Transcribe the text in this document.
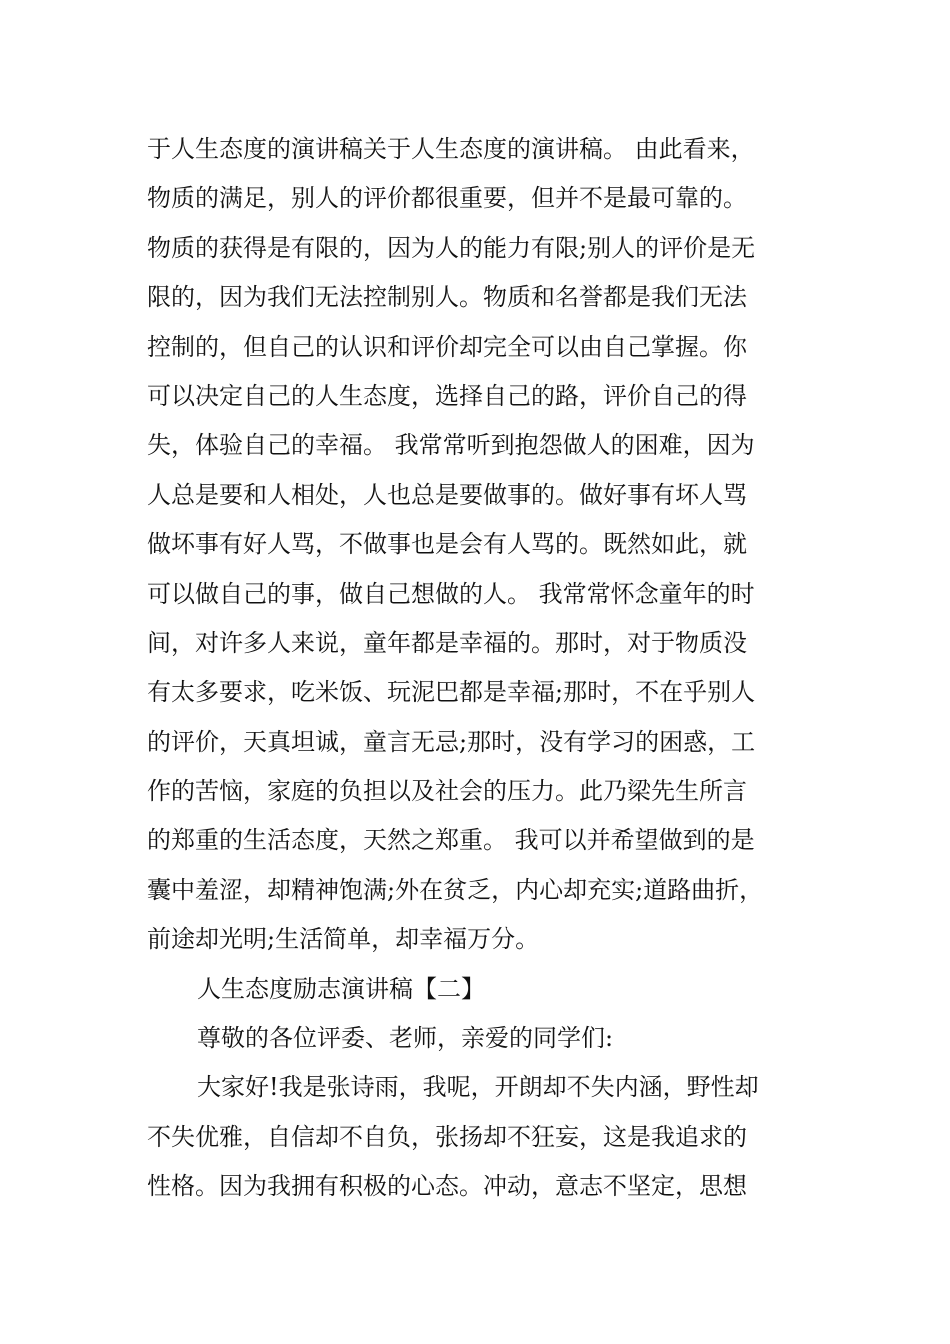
于人生态度的演讲稿关于人生态度的演讲稿。 由此看来，
物质的满足，别人的评价都很重要，但并不是最可靠的。
物质的获得是有限的，因为人的能力有限;别人的评价是无
限的，因为我们无法控制别人。物质和名誉都是我们无法
控制的，但自己的认识和评价却完全可以由自己掌握。你
可以决定自己的人生态度，选择自己的路，评价自己的得
失，体验自己的幸福。 我常常听到抱怨做人的困难，因为
人总是要和人相处，人也总是要做事的。做好事有坏人骂
做坏事有好人骂，不做事也是会有人骂的。既然如此，就
可以做自己的事，做自己想做的人。 我常常怀念童年的时
间，对许多人来说，童年都是幸福的。那时，对于物质没
有太多要求，吃米饭、玩泥巴都是幸福;那时，不在乎别人
的评价，天真坦诚，童言无忌;那时，没有学习的困惑，工
作的苦恼，家庭的负担以及社会的压力。此乃梁先生所言
的郑重的生活态度，天然之郑重。 我可以并希望做到的是
囊中羞涩，却精神饱满;外在贫乏，内心却充实;道路曲折，
前途却光明;生活简单，却幸福万分。
人生态度励志演讲稿【二】
尊敬的各位评委、老师，亲爱的同学们:
大家好!我是张诗雨，我呢，开朗却不失内涵，野性却
不失优雅，自信却不自负，张扬却不狂妄，这是我追求的
性格。因为我拥有积极的心态。冲动，意志不坚定，思想
